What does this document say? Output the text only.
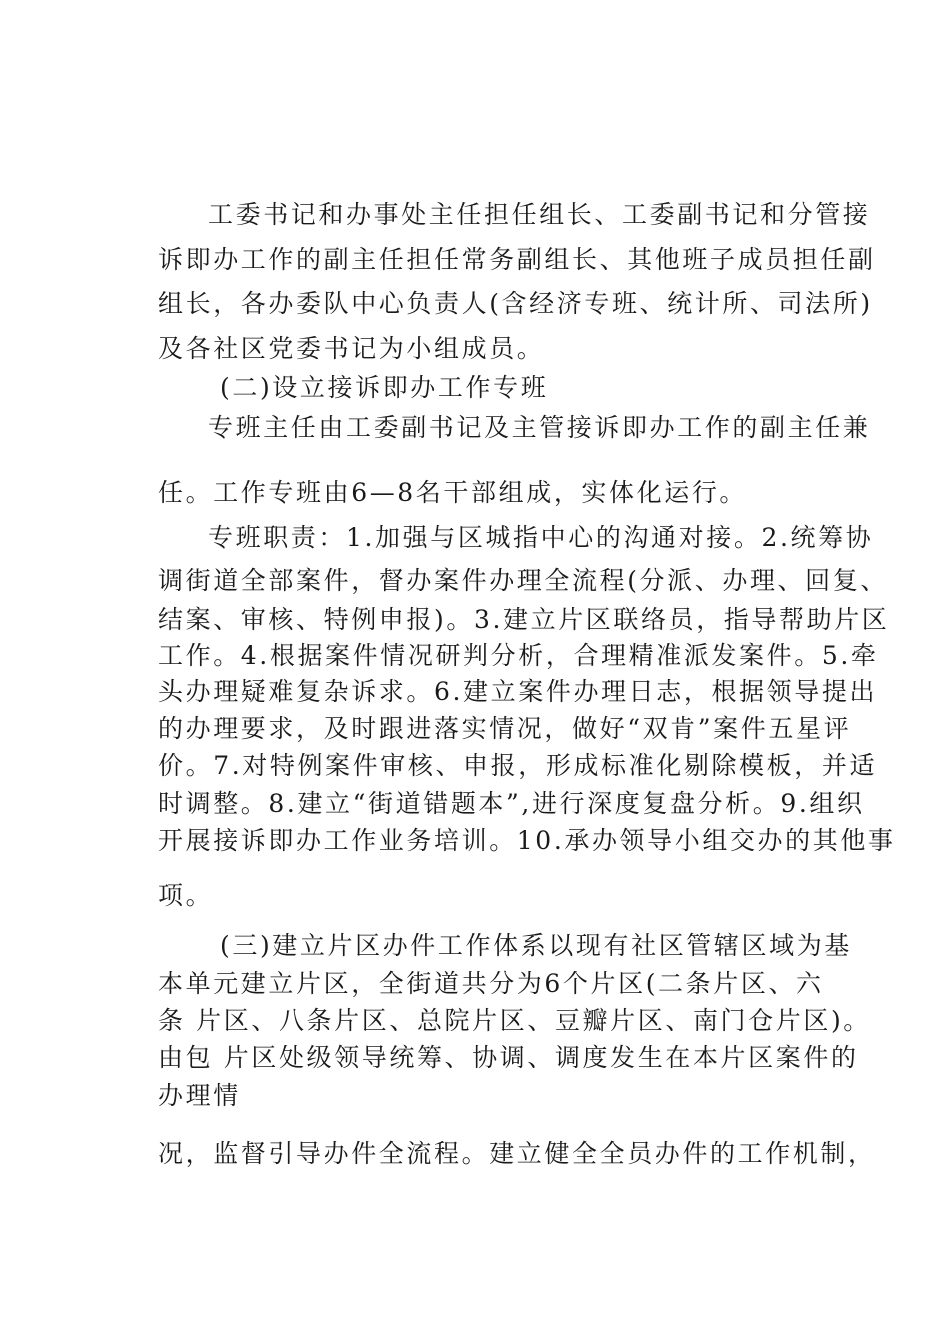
工委书记和办事处主任担任组长、工委副书记和分管接
诉即办工作的副主任担任常务副组长、其他班子成员担任副
组长，各办委队中心负责人(含经济专班、统计所、司法所)
及各社区党委书记为小组成员。
(二)设立接诉即办工作专班
专班主任由工委副书记及主管接诉即办工作的副主任兼
任。工作专班由6—8名干部组成，实体化运行。
专班职责：1.加强与区城指中心的沟通对接。2.统筹协
调街道全部案件，督办案件办理全流程(分派、办理、回复、
结案、审核、特例申报)。3.建立片区联络员，指导帮助片区
工作。4.根据案件情况研判分析，合理精准派发案件。5.牵
头办理疑难复杂诉求。6.建立案件办理日志，根据领导提出
的办理要求，及时跟进落实情况，做好“双肯”案件五星评
价。7.对特例案件审核、申报，形成标准化剔除模板，并适
时调整。8.建立“街道错题本”,进行深度复盘分析。9.组织
开展接诉即办工作业务培训。10.承办领导小组交办的其他事
项。
(三)建立片区办件工作体系以现有社区管辖区域为基
本单元建立片区，全街道共分为6个片区(二条片区、六
条 片区、八条片区、总院片区、豆瓣片区、南门仓片区)。
由包 片区处级领导统筹、协调、调度发生在本片区案件的
办理情
况，监督引导办件全流程。建立健全全员办件的工作机制，
